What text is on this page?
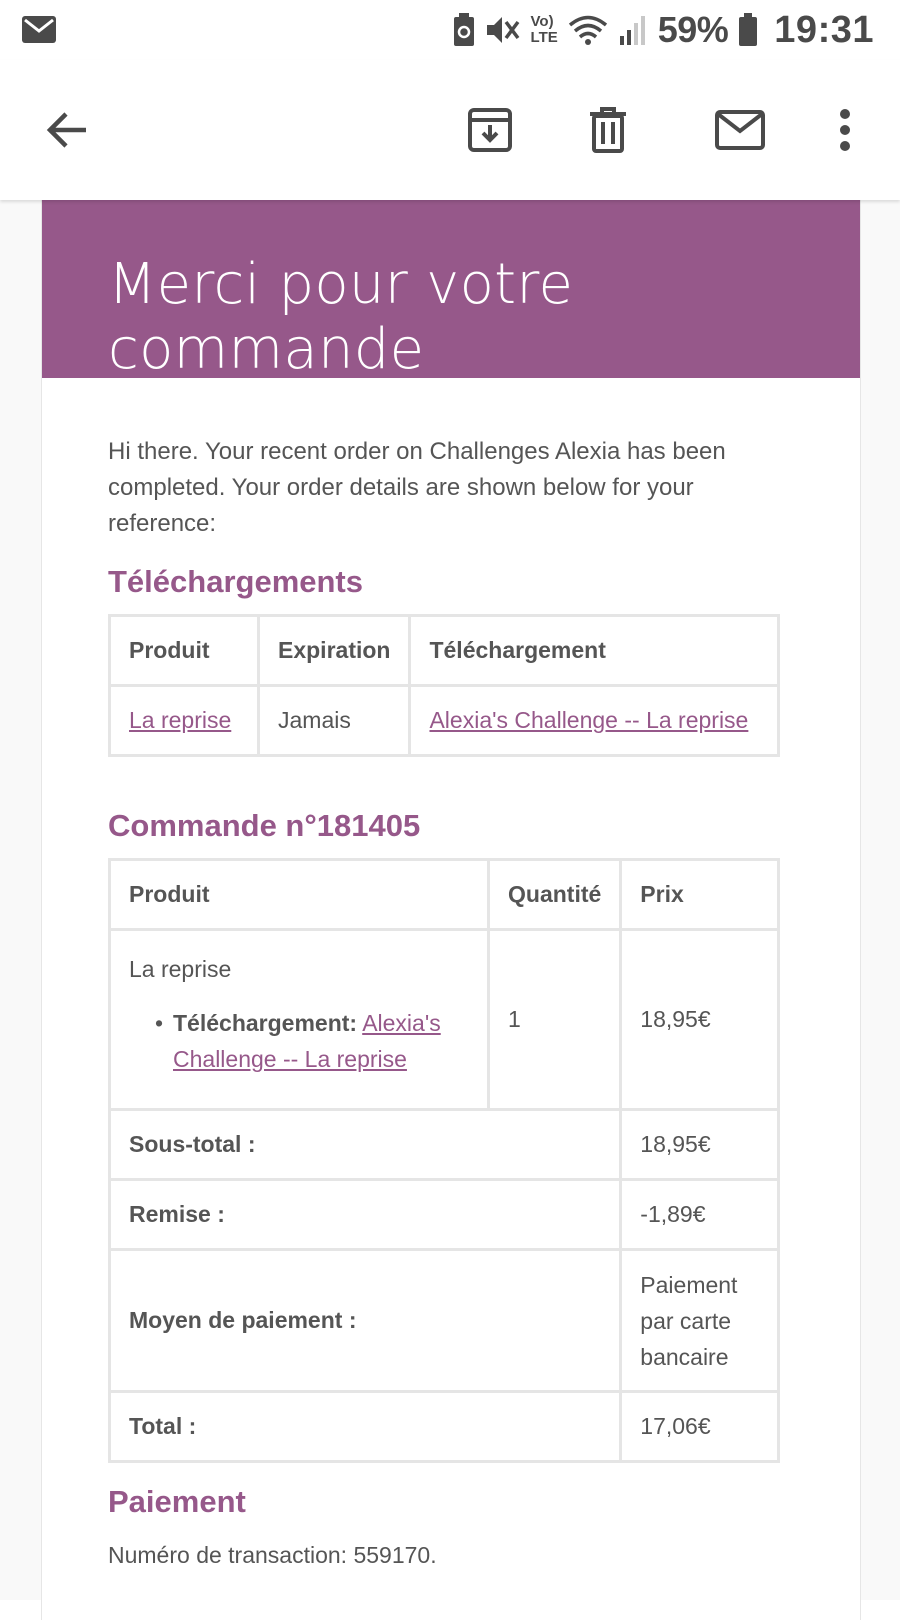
Vo)
LTE	59% 19:31
Merci pour votre commande
Hi there. Your recent order on Challenges Alexia has been completed. Your order details are shown below for your reference:
Téléchargements
Produit	Expiration	Téléchargement
La reprise	Jamais	Alexia's Challenge -- La reprise
Commande n°181405
Produit	Quantité	Prix

La reprise
• Téléchargement: Alexia's
Challenge -- La reprise	1	18,95€
Sous-total :		18,95€
Remise :		-1,89€
Moyen de paiement :		Paiement
par carte
bancaire

Total :		17,06€
Paiement
Numéro de transaction: 559170.
